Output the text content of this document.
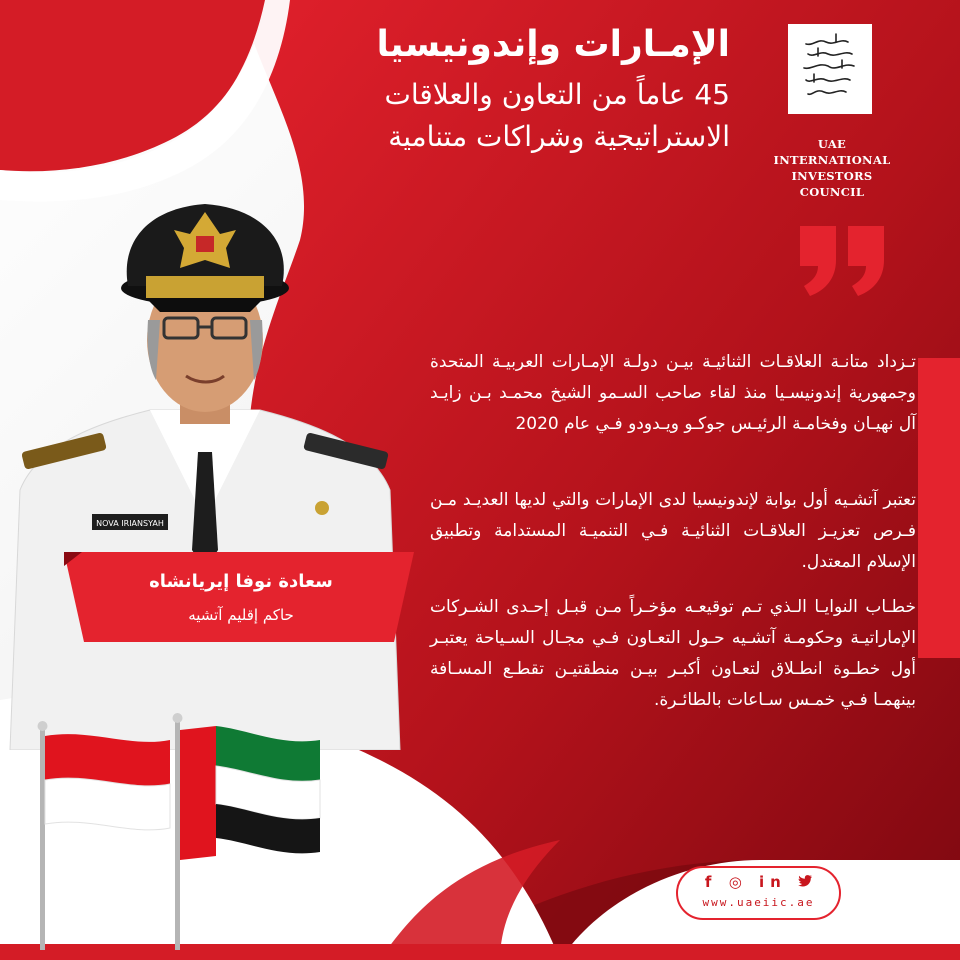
الإمـارات وإندونيسيا
45 عاماً من التعاون والعلاقات
الاستراتيجية وشراكات متنامية	UAE INTERNATIONAL
INVESTORS COUNCIL
تـزداد متانـة العلاقـات الثنائيـة بيـن دولـة الإمـارات العربيـة المتحدة وجمهورية إندونيسـيا منذ لقاء صاحب السـمو الشيخ محمـد بـن زايـد آل نهيـان وفخامـة الرئيـس جوكـو ويـدودو فـي عام 2020
تعتبر آتشـيه أول بوابة لإندونيسيا لدى الإمارات والتي لديها العديـد مـن فـرص تعزيـز العلاقـات الثنائيـة فـي التنميـة المستدامة وتطبيق الإسلام المعتدل.
خطـاب النوايـا الـذي تـم توقيعـه مؤخـراً مـن قبـل إحـدى الشـركات الإماراتيـة وحكومـة آتشـيه حـول التعـاون فـي مجـال السـياحة يعتبـر أول خطـوة انطـلاق لتعـاون أكبـر بيـن منطقتيـن تقطـع المسـافة بينهمـا فـي خمـس سـاعات بالطائـرة.
NOVA IRIANSYAH
سعادة نوفا إيريانشاه
حاكم إقليم آتشيه
f ◎ in
www.uaeiic.ae
